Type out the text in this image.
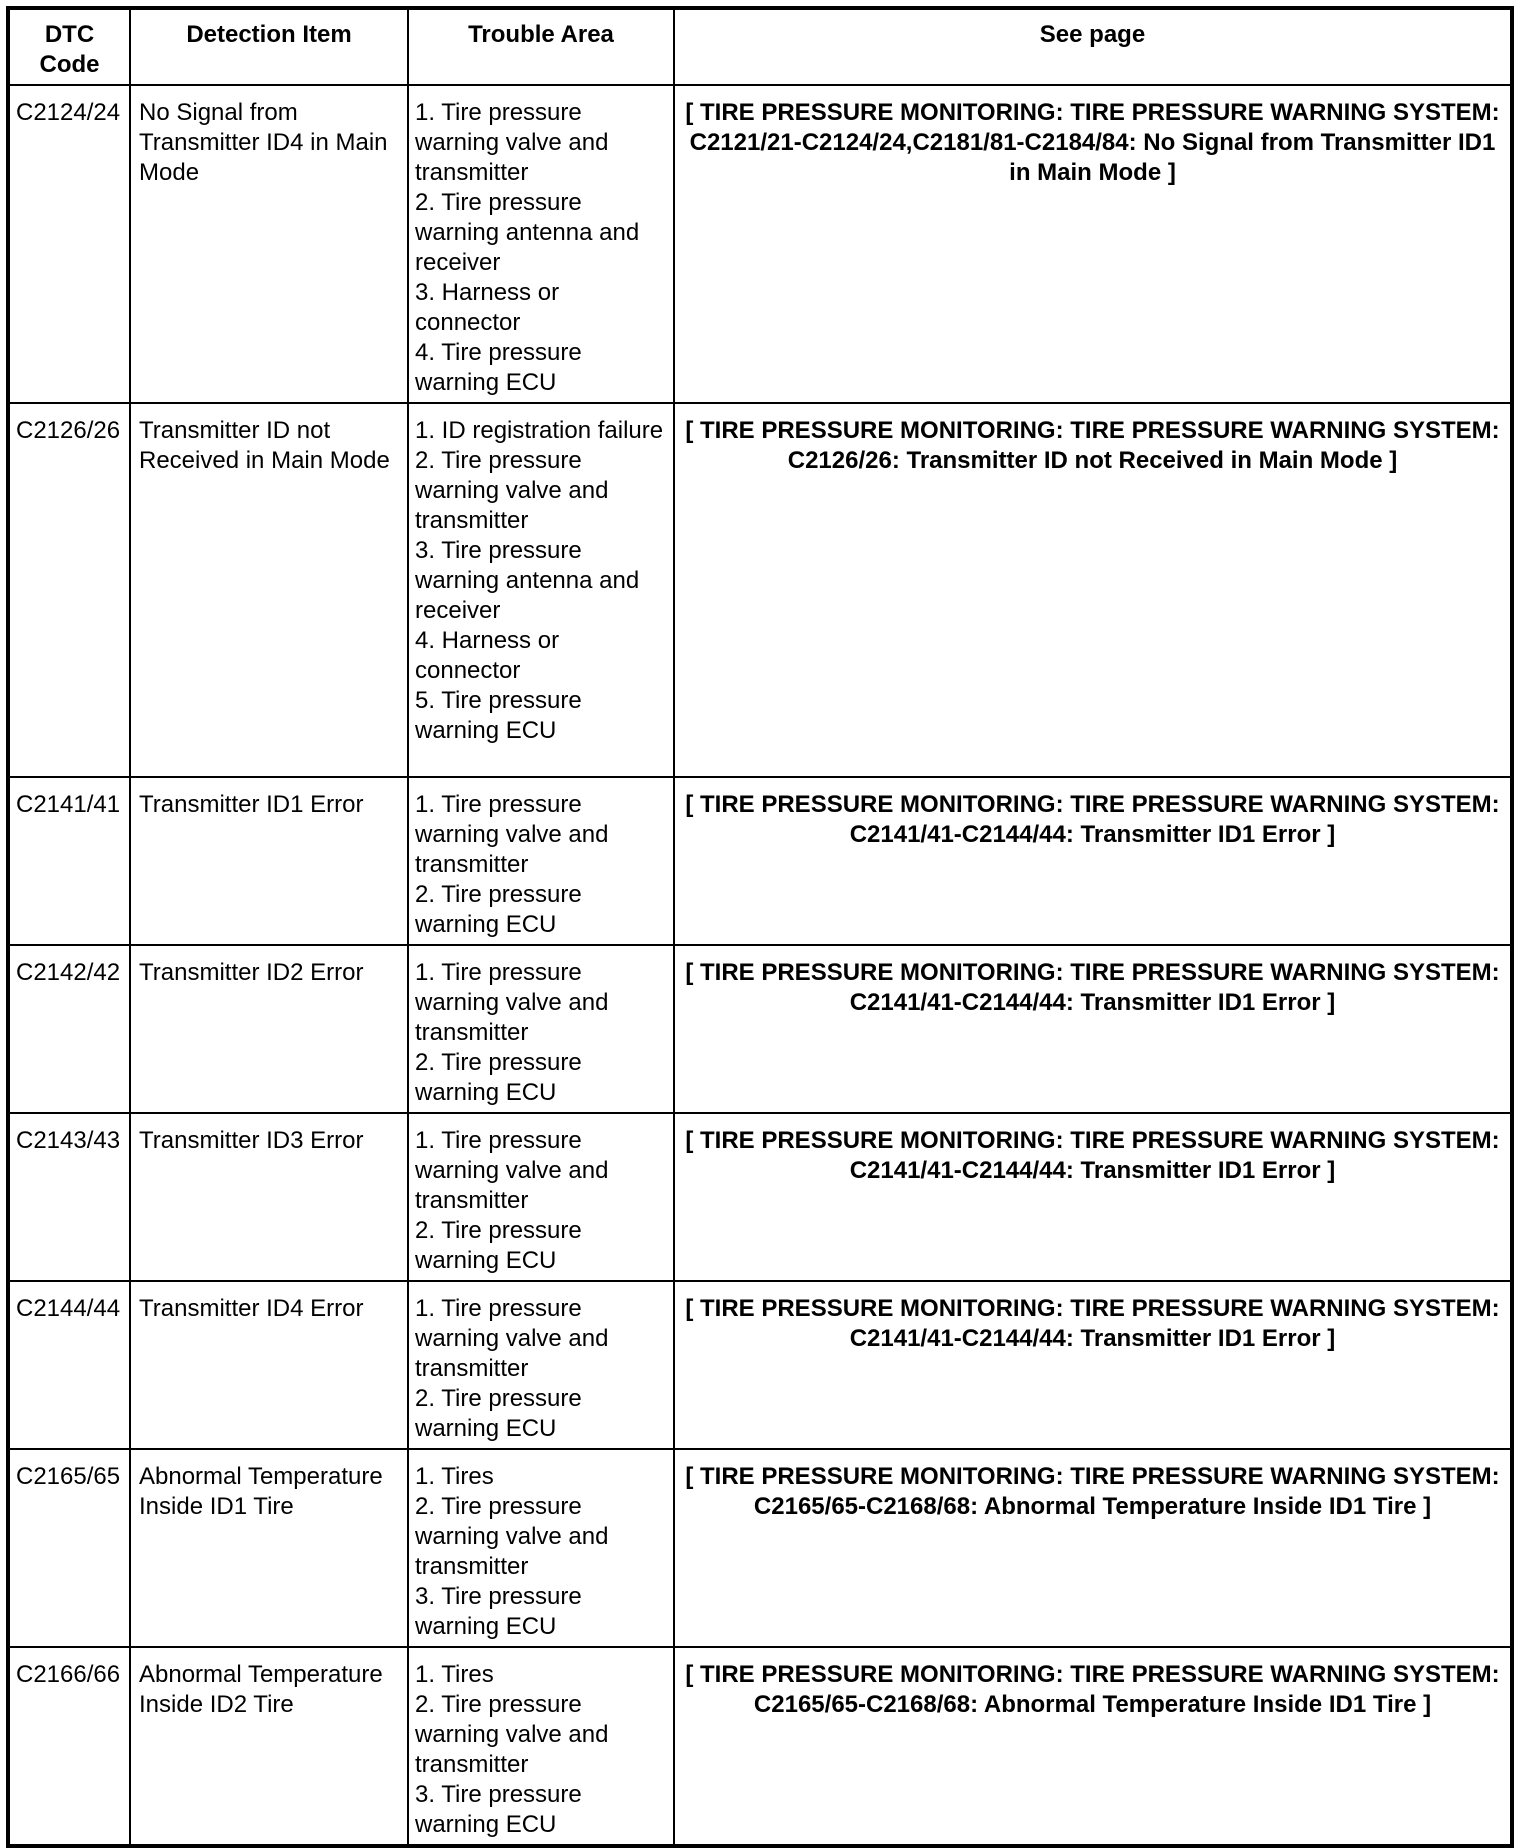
DTC Code	Detection Item	Trouble Area	See page
C2124/24	No Signal from Transmitter ID4 in Main Mode	1. Tire pressure warning valve and transmitter
2. Tire pressure warning antenna and receiver
3. Harness or connector
4. Tire pressure warning ECU	[ TIRE PRESSURE MONITORING: TIRE PRESSURE WARNING SYSTEM: C2121/21-C2124/24,C2181/81-C2184/84: No Signal from Transmitter ID1 in Main Mode ]
C2126/26	Transmitter ID not Received in Main Mode	1. ID registration failure
2. Tire pressure warning valve and transmitter
3. Tire pressure warning antenna and receiver
4. Harness or connector
5. Tire pressure warning ECU	[ TIRE PRESSURE MONITORING: TIRE PRESSURE WARNING SYSTEM: C2126/26: Transmitter ID not Received in Main Mode ]
C2141/41	Transmitter ID1 Error	1. Tire pressure warning valve and transmitter
2. Tire pressure warning ECU	[ TIRE PRESSURE MONITORING: TIRE PRESSURE WARNING SYSTEM: C2141/41-C2144/44: Transmitter ID1 Error ]
C2142/42	Transmitter ID2 Error	1. Tire pressure warning valve and transmitter
2. Tire pressure warning ECU	[ TIRE PRESSURE MONITORING: TIRE PRESSURE WARNING SYSTEM: C2141/41-C2144/44: Transmitter ID1 Error ]
C2143/43	Transmitter ID3 Error	1. Tire pressure warning valve and transmitter
2. Tire pressure warning ECU	[ TIRE PRESSURE MONITORING: TIRE PRESSURE WARNING SYSTEM: C2141/41-C2144/44: Transmitter ID1 Error ]
C2144/44	Transmitter ID4 Error	1. Tire pressure warning valve and transmitter
2. Tire pressure warning ECU	[ TIRE PRESSURE MONITORING: TIRE PRESSURE WARNING SYSTEM: C2141/41-C2144/44: Transmitter ID1 Error ]
C2165/65	Abnormal Temperature Inside ID1 Tire	1. Tires
2. Tire pressure warning valve and transmitter
3. Tire pressure warning ECU	[ TIRE PRESSURE MONITORING: TIRE PRESSURE WARNING SYSTEM: C2165/65-C2168/68: Abnormal Temperature Inside ID1 Tire ]
C2166/66	Abnormal Temperature Inside ID2 Tire	1. Tires
2. Tire pressure warning valve and transmitter
3. Tire pressure warning ECU	[ TIRE PRESSURE MONITORING: TIRE PRESSURE WARNING SYSTEM: C2165/65-C2168/68: Abnormal Temperature Inside ID1 Tire ]
